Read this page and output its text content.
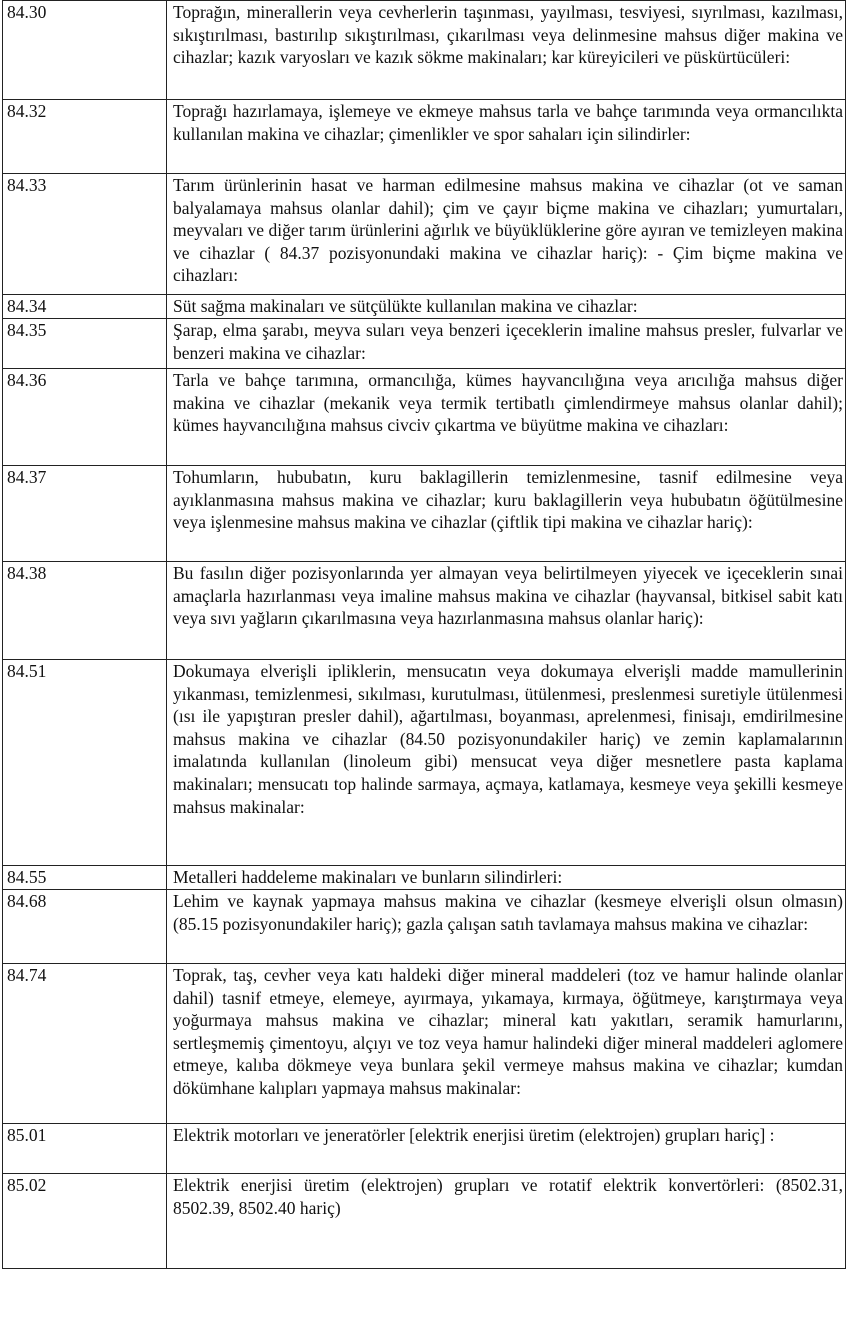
84.30	Toprağın, minerallerin veya cevherlerin taşınması, yayılması, tesviyesi, sıyrılması, kazılması, sıkıştırılması, bastırılıp sıkıştırılması, çıkarılması veya delinmesine mahsus diğer makina ve cihazlar; kazık varyosları ve kazık sökme makinaları; kar küreyicileri ve püskürtücüleri:
84.32	Toprağı hazırlamaya, işlemeye ve ekmeye mahsus tarla ve bahçe tarımında veya ormancılıkta kullanılan makina ve cihazlar; çimenlikler ve spor sahaları için silindirler:
84.33	Tarım ürünlerinin hasat ve harman edilmesine mahsus makina ve cihazlar (ot ve saman balyalamaya mahsus olanlar dahil); çim ve çayır biçme makina ve cihazları; yumurtaları, meyvaları ve diğer tarım ürünlerini ağırlık ve büyüklüklerine göre ayıran ve temizleyen makina ve cihazlar ( 84.37 pozisyonundaki makina ve cihazlar hariç): - Çim biçme makina ve cihazları:
84.34	Süt sağma makinaları ve sütçülükte kullanılan makina ve cihazlar:
84.35	Şarap, elma şarabı, meyva suları veya benzeri içeceklerin imaline mahsus presler, fulvarlar ve benzeri makina ve cihazlar:
84.36	Tarla ve bahçe tarımına, ormancılığa, kümes hayvancılığına veya arıcılığa mahsus diğer makina ve cihazlar (mekanik veya termik tertibatlı çimlendirmeye mahsus olanlar dahil); kümes hayvancılığına mahsus civciv çıkartma ve büyütme makina ve cihazları:
84.37	Tohumların, hububatın, kuru baklagillerin temizlenmesine, tasnif edilmesine veya ayıklanmasına mahsus makina ve cihazlar; kuru baklagillerin veya hububatın öğütülmesine veya işlenmesine mahsus makina ve cihazlar (çiftlik tipi makina ve cihazlar hariç):
84.38	Bu fasılın diğer pozisyonlarında yer almayan veya belirtilmeyen yiyecek ve içeceklerin sınai amaçlarla hazırlanması veya imaline mahsus makina ve cihazlar (hayvansal, bitkisel sabit katı veya sıvı yağların çıkarılmasına veya hazırlanmasına mahsus olanlar hariç):
84.51	Dokumaya elverişli ipliklerin, mensucatın veya dokumaya elverişli madde mamullerinin yıkanması, temizlenmesi, sıkılması, kurutulması, ütülenmesi, preslenmesi suretiyle ütülenmesi (ısı ile yapıştıran presler dahil), ağartılması, boyanması, aprelenmesi, finisajı, emdirilmesine mahsus makina ve cihazlar (84.50 pozisyonundakiler hariç) ve zemin kaplamalarının imalatında kullanılan (linoleum gibi) mensucat veya diğer mesnetlere pasta kaplama makinaları; mensucatı top halinde sarmaya, açmaya, katlamaya, kesmeye veya şekilli kesmeye mahsus makinalar:
84.55	Metalleri haddeleme makinaları ve bunların silindirleri:
84.68	Lehim ve kaynak yapmaya mahsus makina ve cihazlar (kesmeye elverişli olsun olmasın) (85.15 pozisyonundakiler hariç); gazla çalışan satıh tavlamaya mahsus makina ve cihazlar:
84.74	Toprak, taş, cevher veya katı haldeki diğer mineral maddeleri (toz ve hamur halinde olanlar dahil) tasnif etmeye, elemeye, ayırmaya, yıkamaya, kırmaya, öğütmeye, karıştırmaya veya yoğurmaya mahsus makina ve cihazlar; mineral katı yakıtları, seramik hamurlarını, sertleşmemiş çimentoyu, alçıyı ve toz veya hamur halindeki diğer mineral maddeleri aglomere etmeye, kalıba dökmeye veya bunlara şekil vermeye mahsus makina ve cihazlar; kumdan dökümhane kalıpları yapmaya mahsus makinalar:
85.01	Elektrik motorları ve jeneratörler [elektrik enerjisi üretim (elektrojen) grupları hariç] :
85.02	Elektrik enerjisi üretim (elektrojen) grupları ve rotatif elektrik konvertörleri: (8502.31, 8502.39, 8502.40 hariç)
